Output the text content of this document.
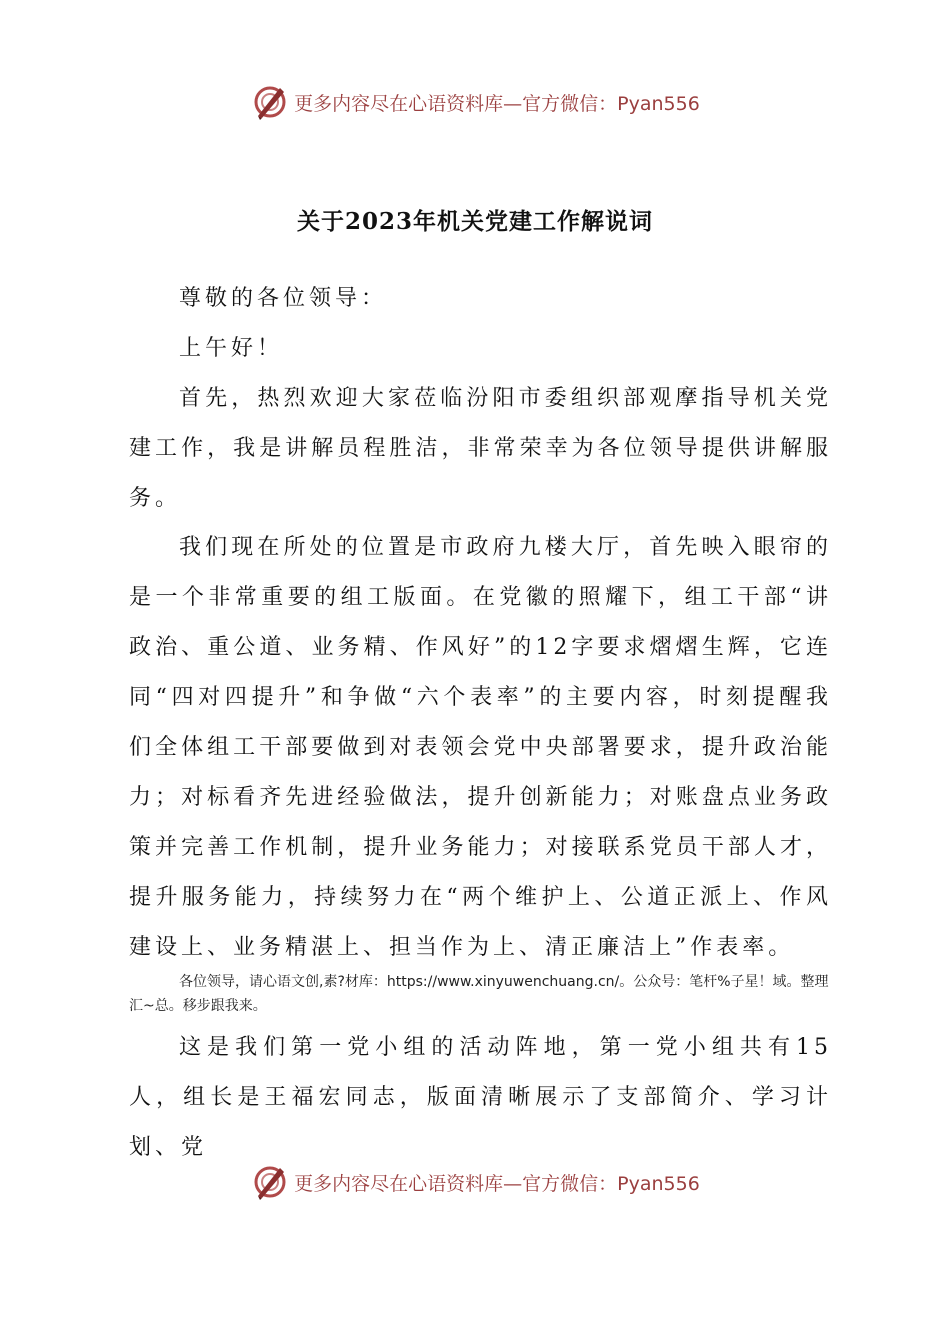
更多内容尽在心语资料库—官方微信：Pyan556
关于2023年机关党建工作解说词
尊敬的各位领导：
上午好！
首先，热烈欢迎大家莅临汾阳市委组织部观摩指导机关党建工作，我是讲解员程胜洁，非常荣幸为各位领导提供讲解服务。
我们现在所处的位置是市政府九楼大厅，首先映入眼帘的是一个非常重要的组工版面。在党徽的照耀下，组工干部“讲政治、重公道、业务精、作风好”的12字要求熠熠生辉，它连同“四对四提升”和争做“六个表率”的主要内容，时刻提醒我们全体组工干部要做到对表领会党中央部署要求，提升政治能力；对标看齐先进经验做法，提升创新能力；对账盘点业务政策并完善工作机制，提升业务能力；对接联系党员干部人才，提升服务能力，持续努力在“两个维护上、公道正派上、作风建设上、业务精湛上、担当作为上、清正廉洁上”作表率。
各位领导，请心语文创,素?材库：https://www.xinyuwenchuang.cn/。公众号：笔杆%子星！域。整理汇~总。移步跟我来。
这是我们第一党小组的活动阵地，第一党小组共有15人，组长是王福宏同志，版面清晰展示了支部简介、学习计划、党
更多内容尽在心语资料库—官方微信：Pyan556
